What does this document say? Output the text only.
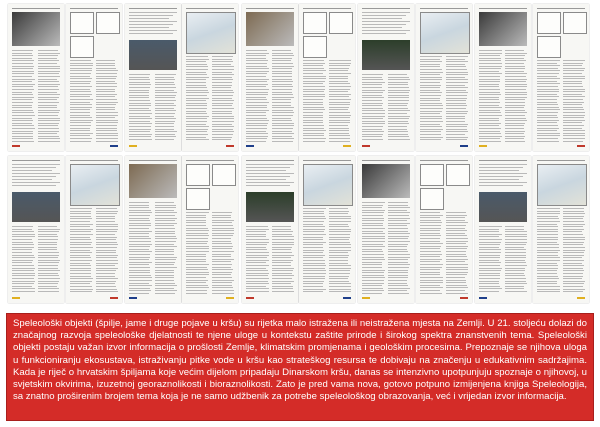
Speleološki objekti (špilje, jame i druge pojave u kršu) su rijetka malo istražena ili neistražena mjesta na Zemlji. U 21. stoljeću dolazi do značajnog razvoja speleološke djelatnosti te njene uloge u kontekstu zaštite prirode i širokog spektra znanstvenih tema. Speleološki objekti postaju važan izvor informacija o prošlosti Zemlje, klimatskim promjenama i geološkim procesima. Prepoznaje se njihova uloga u funkcioniranju ekosustava, istraživanju pitke vode u kršu kao strateškog resursa te dobivaju na značenju u edukativnim sadržajima. Kada je riječ o hrvatskim špiljama koje većim dijelom pripadaju Dinarskom kršu, danas se intenzivno upotpunjuju spoznaje o njihovoj, u svjetskim okvirima, izuzetnoj georaznolikosti i bioraznolikosti. Zato je pred vama nova, gotovo potpuno izmijenjena knjiga Speleologija, sa znatno proširenim brojem tema koja je ne samo udžbenik za potrebe speleološkog obrazovanja, već i vrijedan izvor informacija.
